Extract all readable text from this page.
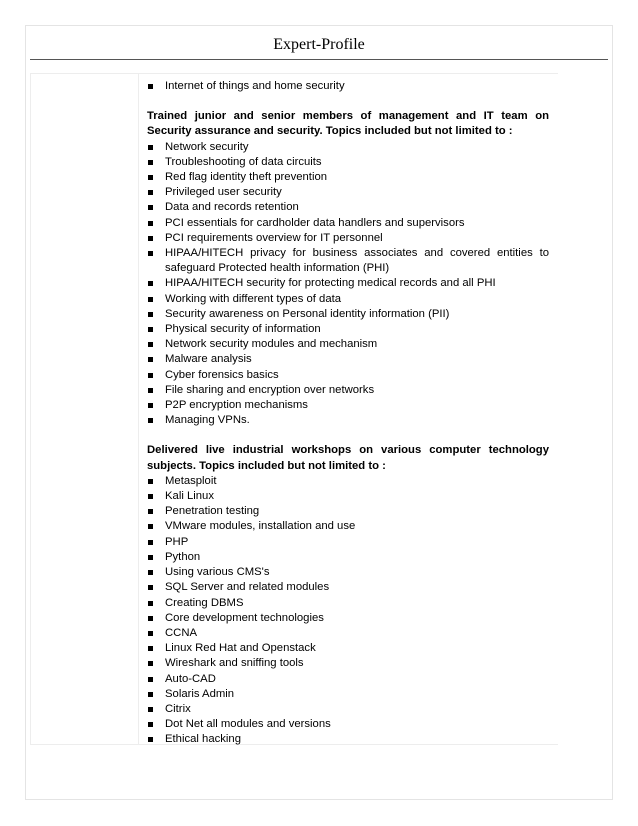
Expert-Profile
Internet of things and home security

Trained junior and senior members of management and IT team on Security assurance and security. Topics included but not limited to :

Network security
Troubleshooting of data circuits
Red flag identity theft prevention
Privileged user security
Data and records retention
PCI essentials for cardholder data handlers and supervisors
PCI requirements overview for IT personnel
HIPAA/HITECH privacy for business associates and covered entities to safeguard Protected health information (PHI)
HIPAA/HITECH security for protecting medical records and all PHI
Working with different types of data
Security awareness on Personal identity information (PII)
Physical security of information
Network security modules and mechanism
Malware analysis
Cyber forensics basics
File sharing and encryption over networks
P2P encryption mechanisms
Managing VPNs.

Delivered live industrial workshops on various computer technology subjects. Topics included but not limited to :

Metasploit
Kali Linux
Penetration testing
VMware modules, installation and use
PHP
Python
Using various CMS's
SQL Server and related modules
Creating DBMS
Core development technologies
CCNA
Linux Red Hat and Openstack
Wireshark and sniffing tools
Auto-CAD
Solaris Admin
Citrix
Dot Net all modules and versions
Ethical hacking
